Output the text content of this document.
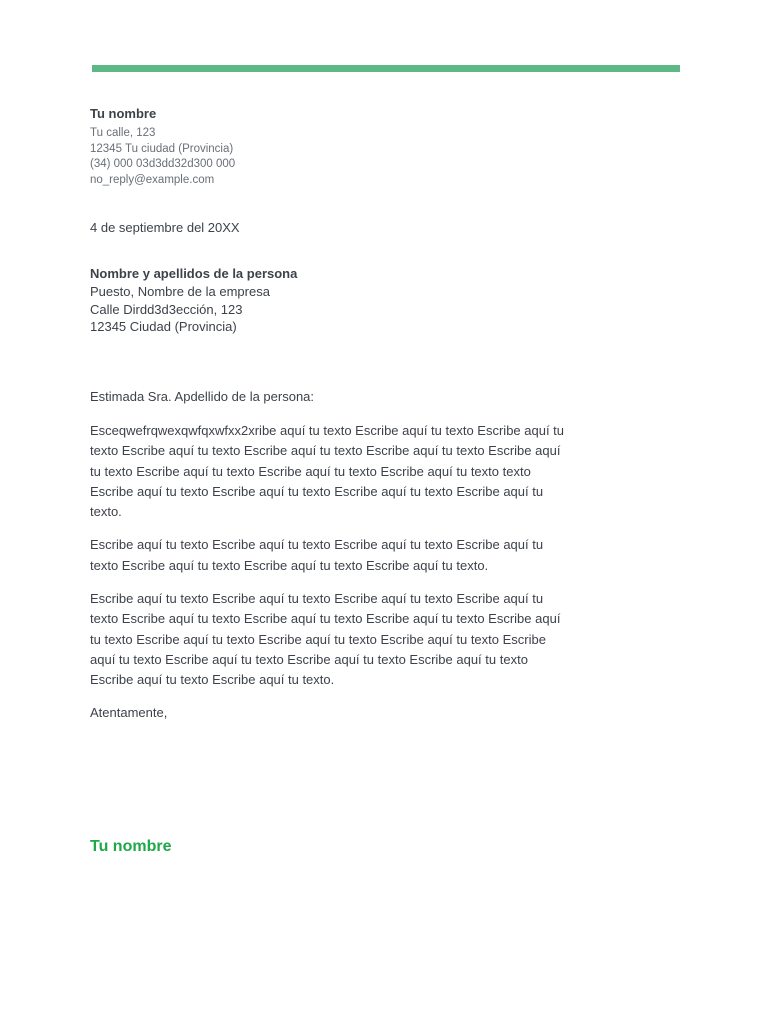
Tu nombre
Tu calle, 123
12345 Tu ciudad (Provincia)
(34) 000 03d3dd32d300 000
no_reply@example.com
4 de septiembre del 20XX
Nombre y apellidos de la persona
Puesto, Nombre de la empresa
Calle Dirdd3d3ección, 123
12345 Ciudad (Provincia)
Estimada Sra. Apdellido de la persona:

Esceqwefrqwexqwfqxwfxx2xribe aquí tu texto Escribe aquí tu texto Escribe aquí tu texto Escribe aquí tu texto Escribe aquí tu texto Escribe aquí tu texto Escribe aquí tu texto Escribe aquí tu texto Escribe aquí tu texto Escribe aquí tu texto texto Escribe aquí tu texto Escribe aquí tu texto Escribe aquí tu texto Escribe aquí tu texto.

Escribe aquí tu texto Escribe aquí tu texto Escribe aquí tu texto Escribe aquí tu texto Escribe aquí tu texto Escribe aquí tu texto Escribe aquí tu texto.

Escribe aquí tu texto Escribe aquí tu texto Escribe aquí tu texto Escribe aquí tu texto Escribe aquí tu texto Escribe aquí tu texto Escribe aquí tu texto Escribe aquí tu texto Escribe aquí tu texto Escribe aquí tu texto Escribe aquí tu texto Escribe aquí tu texto Escribe aquí tu texto Escribe aquí tu texto Escribe aquí tu texto Escribe aquí tu texto Escribe aquí tu texto.

Atentamente,
Tu nombre
